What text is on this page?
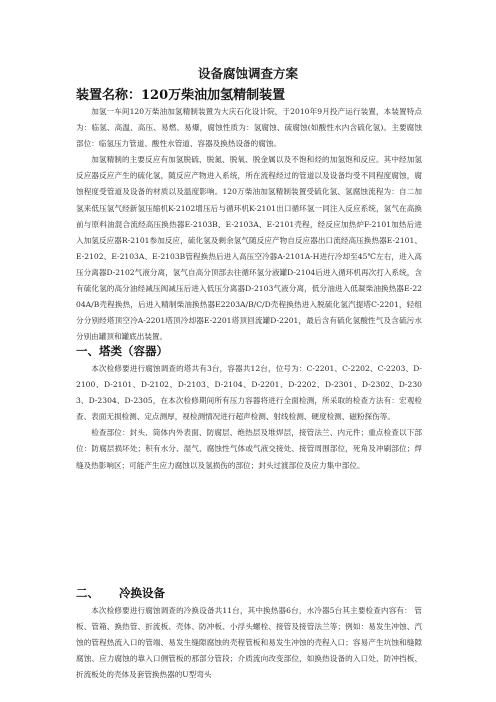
设备腐蚀调查方案
装置名称：120万柴油加氢精制装置

加氢一车间120万柴油加氢精制装置为大庆石化设计院，于2010年9月投产运行装置，本装置特点为：临氢、高温、高压、易燃、易爆，腐蚀性质为：氢腐蚀、硫腐蚀(如酸性水内含硫化氢)。主要腐蚀部位：临氢压力管道、酸性水管道、容器及换热设备的腐蚀。

加氢精制的主要反应有加氢脱硫、脱氮、脱氧、脱金属以及不饱和烃的加氢饱和反应。其中经加氢反应器反应产生的硫化氢，随反应产物进入系统，所在流程经过的管道以及设备均受不同程度腐蚀，腐蚀程度受管道及设备的材质以及温度影响。120万柴油加氢精制装置受硫化氢、氢腐蚀流程为：自二加氢来低压氢气经新氢压缩机K-2102增压后与循环机K-2101出口循环氢一同注入反应系统，氢气在高换前与原料油混合流经高压换热器E-2103B、E-2103A、E-2101壳程，经反应加热炉F-2101加热后进入加氢反应器R-2101参加反应，硫化氢及剩余氢气随反应产物自反应器出口流经高压换热器E-2101、E-2102、E-2103A、E-2103B管程换热后进入高压空冷器A-2101A-H进行冷却至45℃左右，进入高压分离器D-2102气液分离，氢气自高分顶部去往循环氢分液罐D-2104后进入循环机再次打入系统，含有硫化氢的高分油经减压阀减压后进入低压分离器D-2103气液分离，低分油进入低凝柴油换热器E-2204A/B壳程换热，后进入精制柴油换热器E2203A/B/C/D壳程换热进入脱硫化氢汽提塔C-2201，轻组分分别经塔顶空冷A-2201塔顶冷却器E-2201塔顶回流罐D-2201，最后含有硫化氢酸性气及含硫污水分别由罐顶和罐底出装置。

一、塔类（容器）

本次检修要进行腐蚀调查的塔共有3台，容器共12台，位号为：C-2201、C-2202、C-2203、D-2100、D-2101、D-2102、D-2103、D-2104、D-2201、D-2202、D-2301、D-2302、D-2303、D-2304、D-2305，在本次检修期间所有压力容器将进行全面检测，所采取的检查方法有：宏观检查、表面无损检测、定点测厚，视检测情况进行超声检测、射线检测、硬度检测、磁粉探伤等。

检查部位：封头、筒体内外表面、防腐层、绝热层及堆焊层，接管法兰、内元件；重点检查以下部位：防腐层损坏处；积有水分、湿气、腐蚀性气体或气液交接处、接管周围部位，死角及冲刷部位；焊缝及热影响区；可能产生应力腐蚀以及氢损伤的部位；封头过渡部位及应力集中部位。

二、 冷换设备

本次检修要进行腐蚀调查的冷换设备共11台，其中换热器6台，水冷器5台其主要检查内容有： 管板、管箱、换热管、折流板、壳体、防冲板、小浮头螺栓、接管及接管法兰等；例如：易发生冲蚀、汽蚀的管程热流入口的管端、易发生缝隙腐蚀的壳程管板和易发生冲蚀的壳程入口；容易产生坑蚀和缝隙腐蚀、应力腐蚀的靠入口侧管板的那部分管段；介质流向改变部位，如换热设备的入口处、防冲挡板、折流板处的壳体及套管换热器的U型弯头
